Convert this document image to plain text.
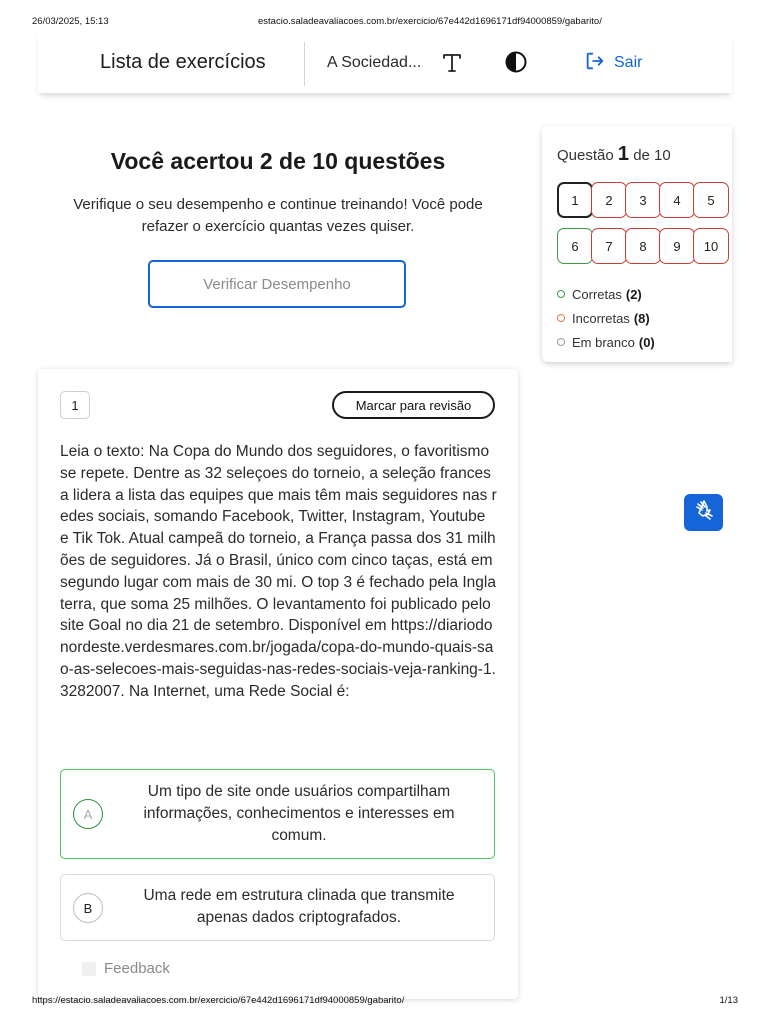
26/03/2025, 15:13	estacio.saladeavaliacoes.com.br/exercicio/67e442d1696171df94000859/gabarito/
Lista de exercícios	A Sociedad...	Sair
Você acertou 2 de 10 questões
Verifique o seu desempenho e continue treinando! Você pode refazer o exercício quantas vezes quiser.
Verificar Desempenho
Questão 1 de 10
1	2	3	4	5
6	7	8	9	10
Corretas (2)
Incorretas (8)
Em branco (0)
1	Marcar para revisão
Leia o texto: Na Copa do Mundo dos seguidores, o favoritismo se repete. Dentre as 32 seleçoes do torneio, a seleção francesa lidera a lista das equipes que mais têm mais seguidores nas redes sociais, somando Facebook, Twitter, Instagram, Youtube e Tik Tok. Atual campeã do torneio, a França passa dos 31 milhões de seguidores. Já o Brasil, único com cinco taças, está em segundo lugar com mais de 30 mi. O top 3 é fechado pela Inglaterra, que soma 25 milhões. O levantamento foi publicado pelo site Goal no dia 21 de setembro. Disponível em https://diariodonordeste.verdesmares.com.br/jogada/copa-do-mundo-quais-sao-as-selecoes-mais-seguidas-nas-redes-sociais-veja-ranking-1.3282007. Na Internet, uma Rede Social é:
A
Um tipo de site onde usuários compartilham informações, conhecimentos e interesses em comum.
B
Uma rede em estrutura clinada que transmite apenas dados criptografados.
Feedback
https://estacio.saladeavaliacoes.com.br/exercicio/67e442d1696171df94000859/gabarito/	1/13
